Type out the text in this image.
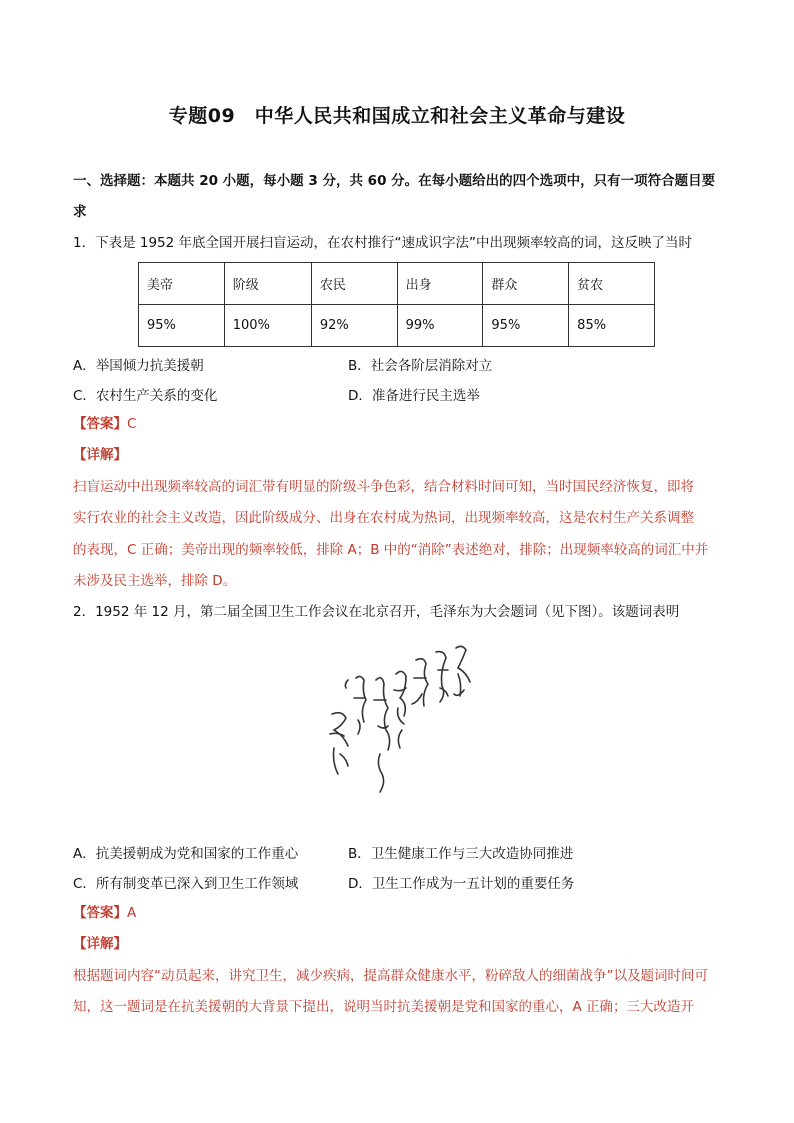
专题09　中华人民共和国成立和社会主义革命与建设
一、选择题：本题共 20 小题，每小题 3 分，共 60 分。在每小题给出的四个选项中，只有一项符合题目要
求
1．下表是 1952 年底全国开展扫盲运动，在农村推行“速成识字法”中出现频率较高的词，这反映了当时
美帝	阶级	农民	出身	群众	贫农
95%	100%	92%	99%	95%	85%
A．举国倾力抗美援朝	B．社会各阶层消除对立
C．农村生产关系的变化	D．准备进行民主选举
【答案】C
【详解】
扫盲运动中出现频率较高的词汇带有明显的阶级斗争色彩，结合材料时间可知，当时国民经济恢复，即将
实行农业的社会主义改造，因此阶级成分、出身在农村成为热词，出现频率较高，这是农村生产关系调整
的表现，C 正确；美帝出现的频率较低，排除 A；B 中的“消除”表述绝对，排除；出现频率较高的词汇中并
未涉及民主选举，排除 D。
2．1952 年 12 月，第二届全国卫生工作会议在北京召开，毛泽东为大会题词（见下图）。该题词表明
A．抗美援朝成为党和国家的工作重心	B．卫生健康工作与三大改造协同推进
C．所有制变革已深入到卫生工作领域	D．卫生工作成为一五计划的重要任务
【答案】A
【详解】
根据题词内容“动员起来，讲究卫生，减少疾病，提高群众健康水平，粉碎敌人的细菌战争”以及题词时间可
知，这一题词是在抗美援朝的大背景下提出，说明当时抗美援朝是党和国家的重心，A 正确；三大改造开
